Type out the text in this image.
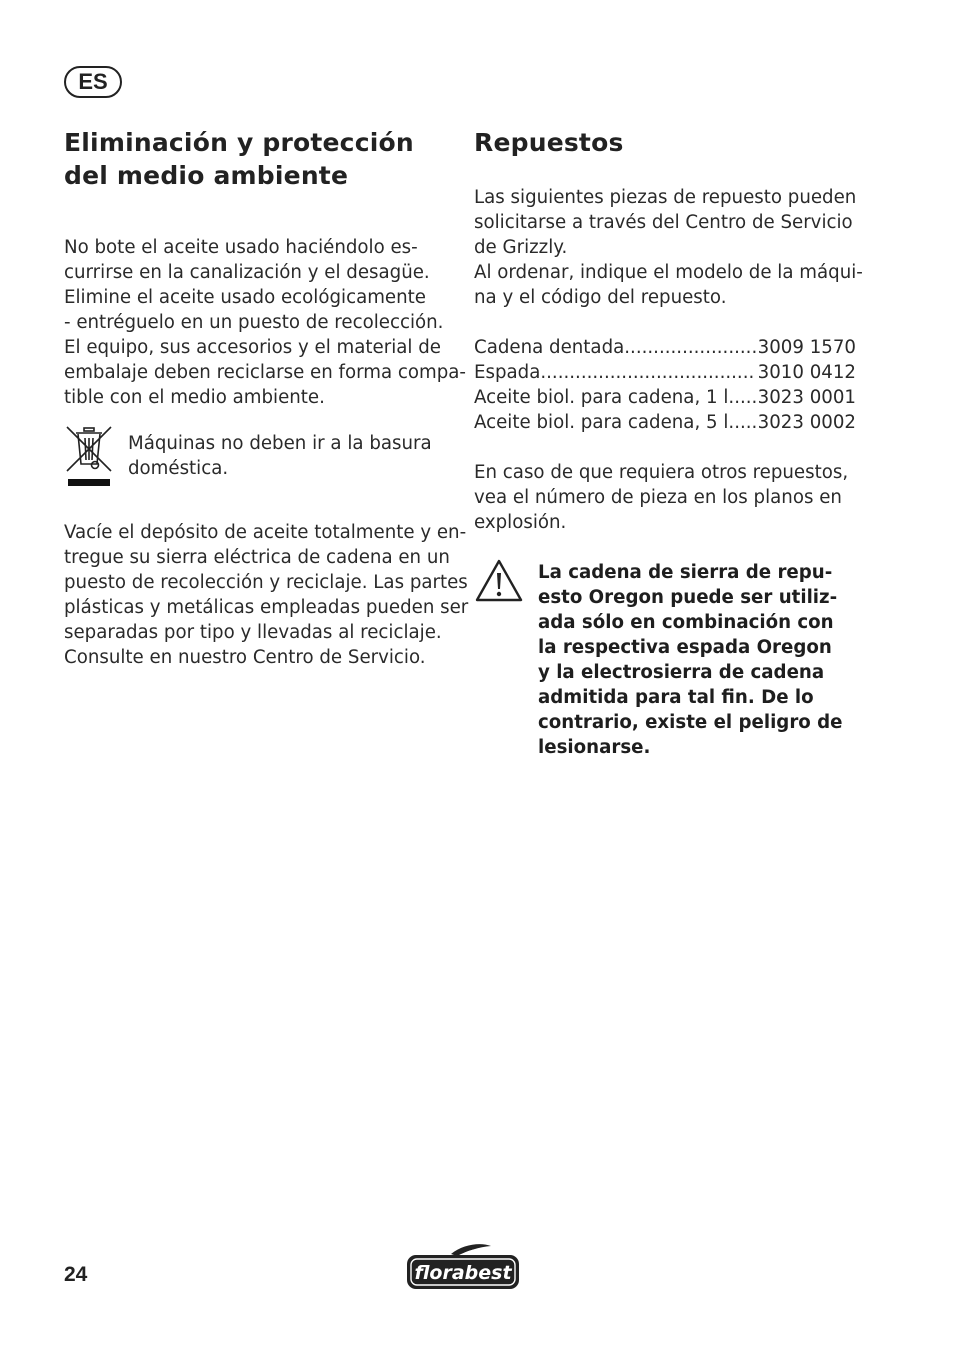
ES
Eliminación y protección
del medio ambiente

No bote el aceite usado haciéndolo es-
currirse en la canalización y el desagüe.
Elimine el aceite usado ecológicamente
- entréguelo en un puesto de recolección.
El equipo, sus accesorios y el material de
embalaje deben reciclarse en forma compa-
tible con el medio ambiente.

Máquinas no deben ir a la basura
doméstica.

Vacíe el depósito de aceite totalmente y en-
tregue su sierra eléctrica de cadena en un
puesto de recolección y reciclaje. Las partes
plásticas y metálicas empleadas pueden ser
separadas por tipo y llevadas al reciclaje.
Consulte en nuestro Centro de Servicio.

Repuestos

Las siguientes piezas de repuesto pueden
solicitarse a través del Centro de Servicio
de Grizzly.
Al ordenar, indique el modelo de la máqui-
na y el código del repuesto.

Cadena dentada .....	3009 1570
Espada .....	3010 0412
Aceite biol. para cadena, 1 l. ..... 3023 0001
Aceite biol. para cadena, 5 l. ..... 3023 0002

En caso de que requiera otros repuestos,
vea el número de pieza en los planos en
explosión.

La cadena de sierra de repu-
esto Oregon puede ser utiliz-
ada sólo en combinación con
la respectiva espada Oregon
y la electrosierra de cadena
admitida para tal fin. De lo
contrario, existe el peligro de
lesionarse.
24	florabest
